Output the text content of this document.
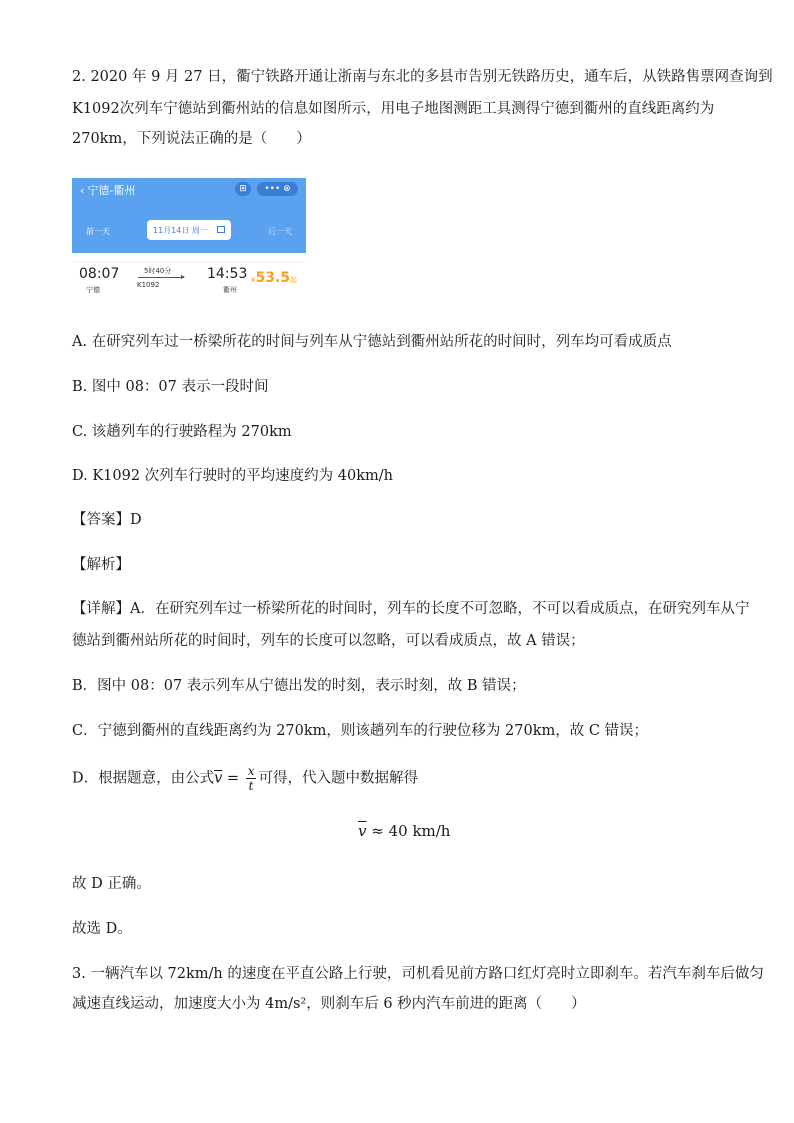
2. 2020 年 9 月 27 日，衢宁铁路开通让浙南与东北的多县市告别无铁路历史，通车后，从铁路售票网查询到
K1092次列车宁德站到衢州站的信息如图所示，用电子地图测距工具测得宁德到衢州的直线距离约为
270km，下列说法正确的是（　　）
‹ 宁德-衢州	⊞	••• ⊗
前一天	11月14日 周一	后一天
08:07
宁德
5时40分
K1092
14:53
衢州
¥53.5起
A. 在研究列车过一桥梁所花的时间与列车从宁德站到衢州站所花的时间时，列车均可看成质点
B. 图中 08：07 表示一段时间
C. 该趟列车的行驶路程为 270km
D. K1092 次列车行驶时的平均速度约为 40km/h
【答案】D
【解析】
【详解】A．在研究列车过一桥梁所花的时间时，列车的长度不可忽略，不可以看成质点，在研究列车从宁
德站到衢州站所花的时间时，列车的长度可以忽略，可以看成质点，故 A 错误；
B．图中 08：07 表示列车从宁德出发的时刻，表示时刻，故 B 错误；
C．宁德到衢州的直线距离约为 270km，则该趟列车的行驶位移为 270km，故 C 错误；
D．根据题意，由公式$\overline{v} = \frac{x}{t}$ 可得，代入题中数据解得
$\overline{v} \approx 40$ km/h
故 D 正确。
故选 D。
3. 一辆汽车以 72km/h 的速度在平直公路上行驶，司机看见前方路口红灯亮时立即刹车。若汽车刹车后做匀
减速直线运动，加速度大小为 4m/s²，则刹车后 6 秒内汽车前进的距离（　　）
